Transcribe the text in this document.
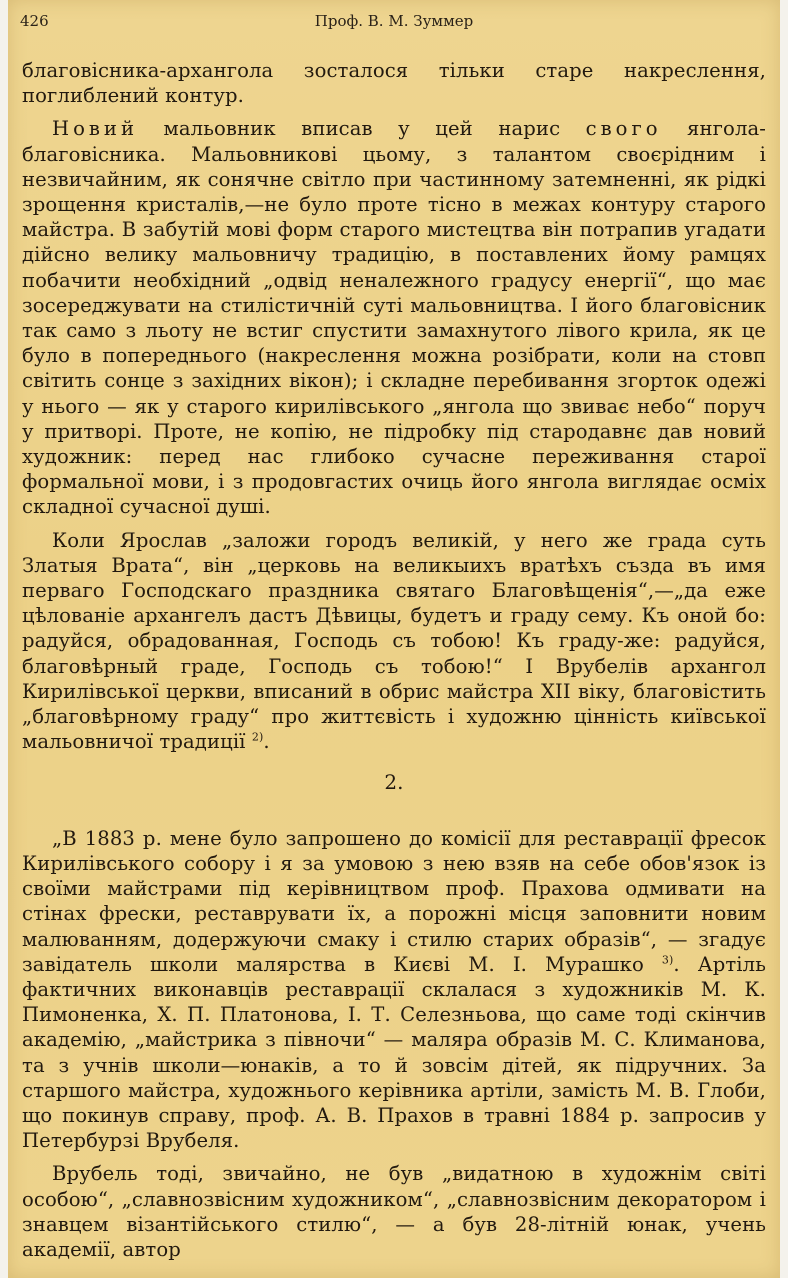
426	Проф. В. М. Зуммер

благовісника-архангола зосталося тільки старе накреслення, поглиблений контур.

Новий мальовник вписав у цей нарис свого янгола-благовісника. Мальовникові цьому, з талантом своєрідним і незвичайним, як сонячне світло при частинному затемненні, як рідкі зрощення кристалів,—не було проте тісно в межах контуру старого майстра. В забутій мові форм старого мистецтва він потрапив угадати дійсно велику мальовничу традицію, в поставлених йому рамцях побачити необхідний „одвід неналежного градусу енергії“, що має зосереджувати на стилістичній суті мальовництва. І його благовісник так само з льоту не встиг спустити замахнутого лівого крила, як це було в попереднього (накреслення можна розібрати, коли на стовп світить сонце з західних вікон); і складне перебивання згорток одежі у нього — як у старого кирилівського „янгола що звиває небо“ поруч у притворі. Проте, не копію, не підробку під стародавнє дав новий художник: перед нас глибоко сучасне переживання старої формальної мови, і з продовгастих очиць його янгола виглядає осміх складної сучасної душі.

Коли Ярослав „заложи городъ великій, у него же града суть Златыя Врата“, він „церковь на великыихъ вратѣхъ създа въ имя перваго Господскаго праздника святаго Благовѣщенія“,—„да еже цѣлованіе архангелъ дастъ Дѣвицы, будетъ и граду сему. Къ оной бо: радуйся, обрадованная, Господь съ тобою! Къ граду-же: радуйся, благовѣрный граде, Господь съ тобою!“ І Врубелів архангол Кирилівської церкви, вписаний в обрис майстра XII віку, благовістить „благовѣрному граду“ про життєвість і художню цінність київської мальовничої традиції $^{2)}$.

2.

„В 1883 р. мене було запрошено до комісії для реставрації фресок Кирилівського собору і я за умовою з нею взяв на себе обов'язок із своїми майстрами під керівництвом проф. Прахова одмивати на стінах фрески, реставрувати їх, а порожні місця заповнити новим малюванням, додержуючи смаку і стилю старих образів“, — згадує завідатель школи малярства в Києві М. І. Мурашко $^{3)}$. Артіль фактичних виконавців реставрації склалася з художників М. К. Пимоненка, Х. П. Платонова, І. Т. Селезньова, що саме тоді скінчив академію, „майстрика з півночи“ — маляра образів М. С. Климанова, та з учнів школи—юнаків, а то й зовсім дітей, як підручних. За старшого майстра, художнього керівника артіли, замість М. В. Глоби, що покинув справу, проф. А. В. Прахов в травні 1884 р. запросив у Петербурзі Врубеля.

Врубель тоді, звичайно, не був „видатною в художнім світі особою“, „славнозвісним художником“, „славнозвісним декоратором і знавцем візантійського стилю“, — а був 28-літній юнак, учень академії, автор
